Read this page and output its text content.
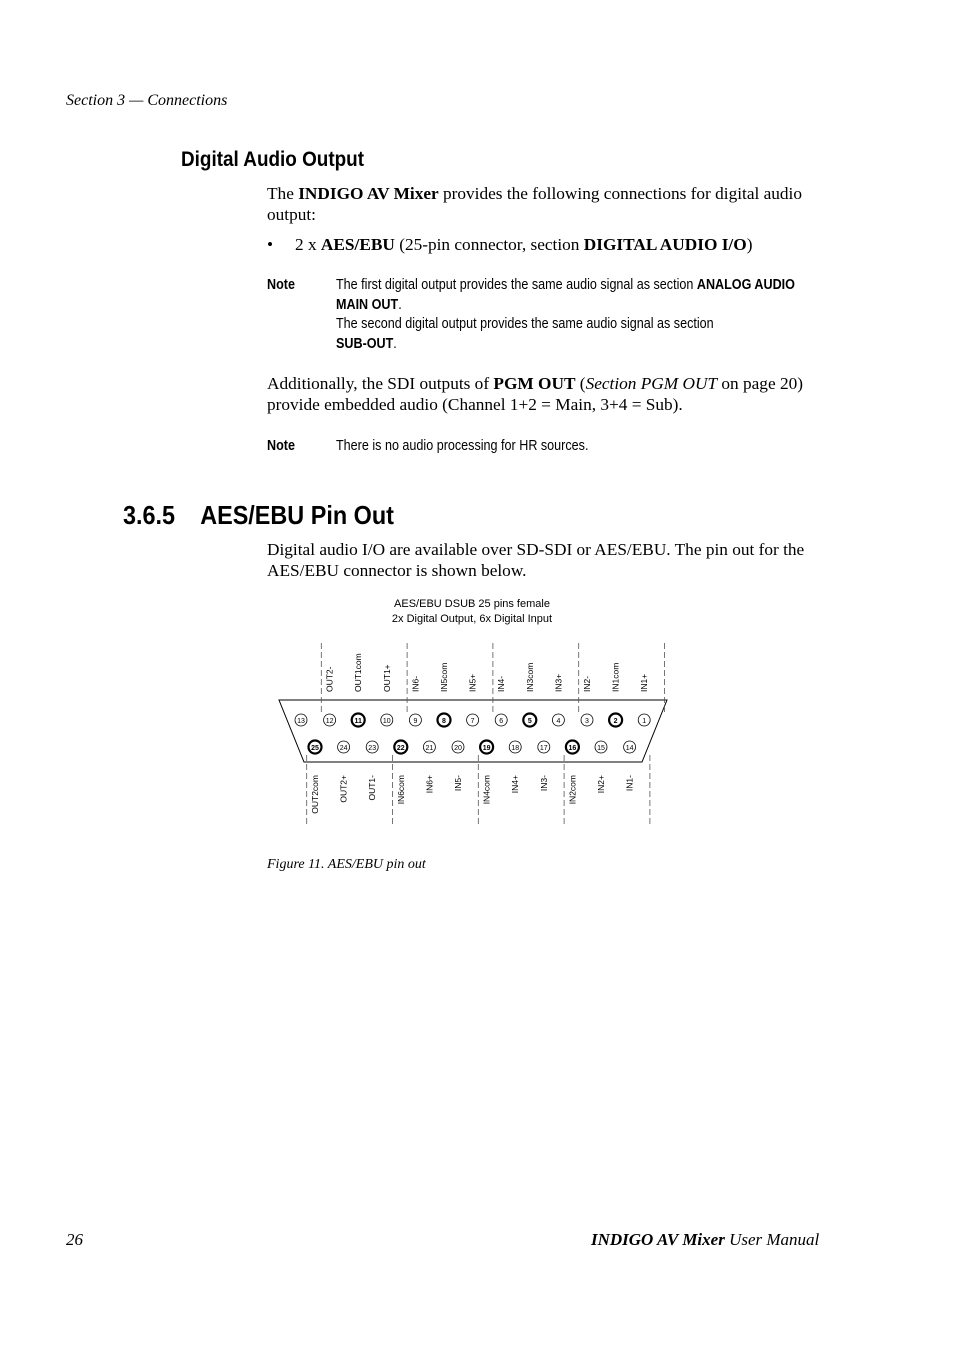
Section 3 — Connections
Digital Audio Output
The INDIGO AV Mixer provides the following connections for digital audio output:
• 2 x AES/EBU (25-pin connector, section DIGITAL AUDIO I/O)
Note	The first digital output provides the same audio signal as section ANALOG AUDIO MAIN OUT.
The second digital output provides the same audio signal as section
SUB-OUT.
Additionally, the SDI outputs of PGM OUT (Section PGM OUT on page 20) provide embedded audio (Channel 1+2 = Main, 3+4 = Sub).
Note	There is no audio processing for HR sources.
3.6.5 AES/EBU Pin Out
Digital audio I/O are available over SD-SDI or AES/EBU. The pin out for the AES/EBU connector is shown below.
AES/EBU DSUB 25 pins female
2x Digital Output, 6x Digital Input
13	12	11	10	9	8	7	6	5	4	3	2	1
25	24	23	22	21	20	19	18	17	16	15	14
OUT2- OUT1com OUT1+ IN6- IN5com IN5+ IN4- IN3com IN3+ IN2- IN1com IN1+
OUT2com OUT2+ OUT1- IN6com IN6+ IN5- IN4com IN4+ IN3- IN2com IN2+ IN1-
Figure 11. AES/EBU pin out
26	INDIGO AV Mixer User Manual
